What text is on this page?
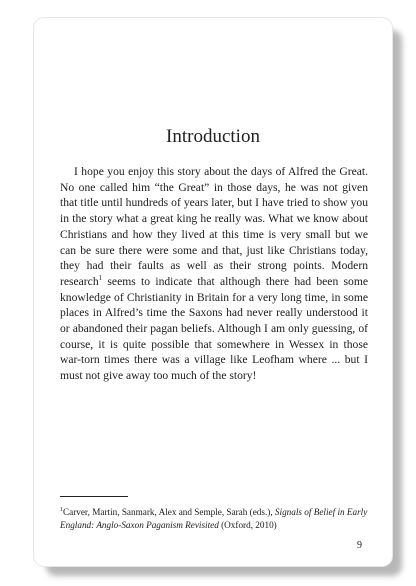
Introduction

I hope you enjoy this story about the days of Alfred the Great. No one called him “the Great” in those days, he was not given that title until hundreds of years later, but I have tried to show you in the story what a great king he really was. What we know about Christians and how they lived at this time is very small but we can be sure there were some and that, just like Christians today, they had their faults as well as their strong points. Modern research$^1$ seems to indicate that although there had been some knowledge of Christianity in Britain for a very long time, in some places in Alfred’s time the Saxons had never really understood it or abandoned their pagan beliefs. Although I am only guessing, of course, it is quite possible that somewhere in Wessex in those war-torn times there was a village like Leofham where ... but I must not give away too much of the story!

$^1$Carver, Martin, Sanmark, Alex and Semple, Sarah (eds.), Signals of Belief in Early England: Anglo-Saxon Paganism Revisited (Oxford, 2010)

9
